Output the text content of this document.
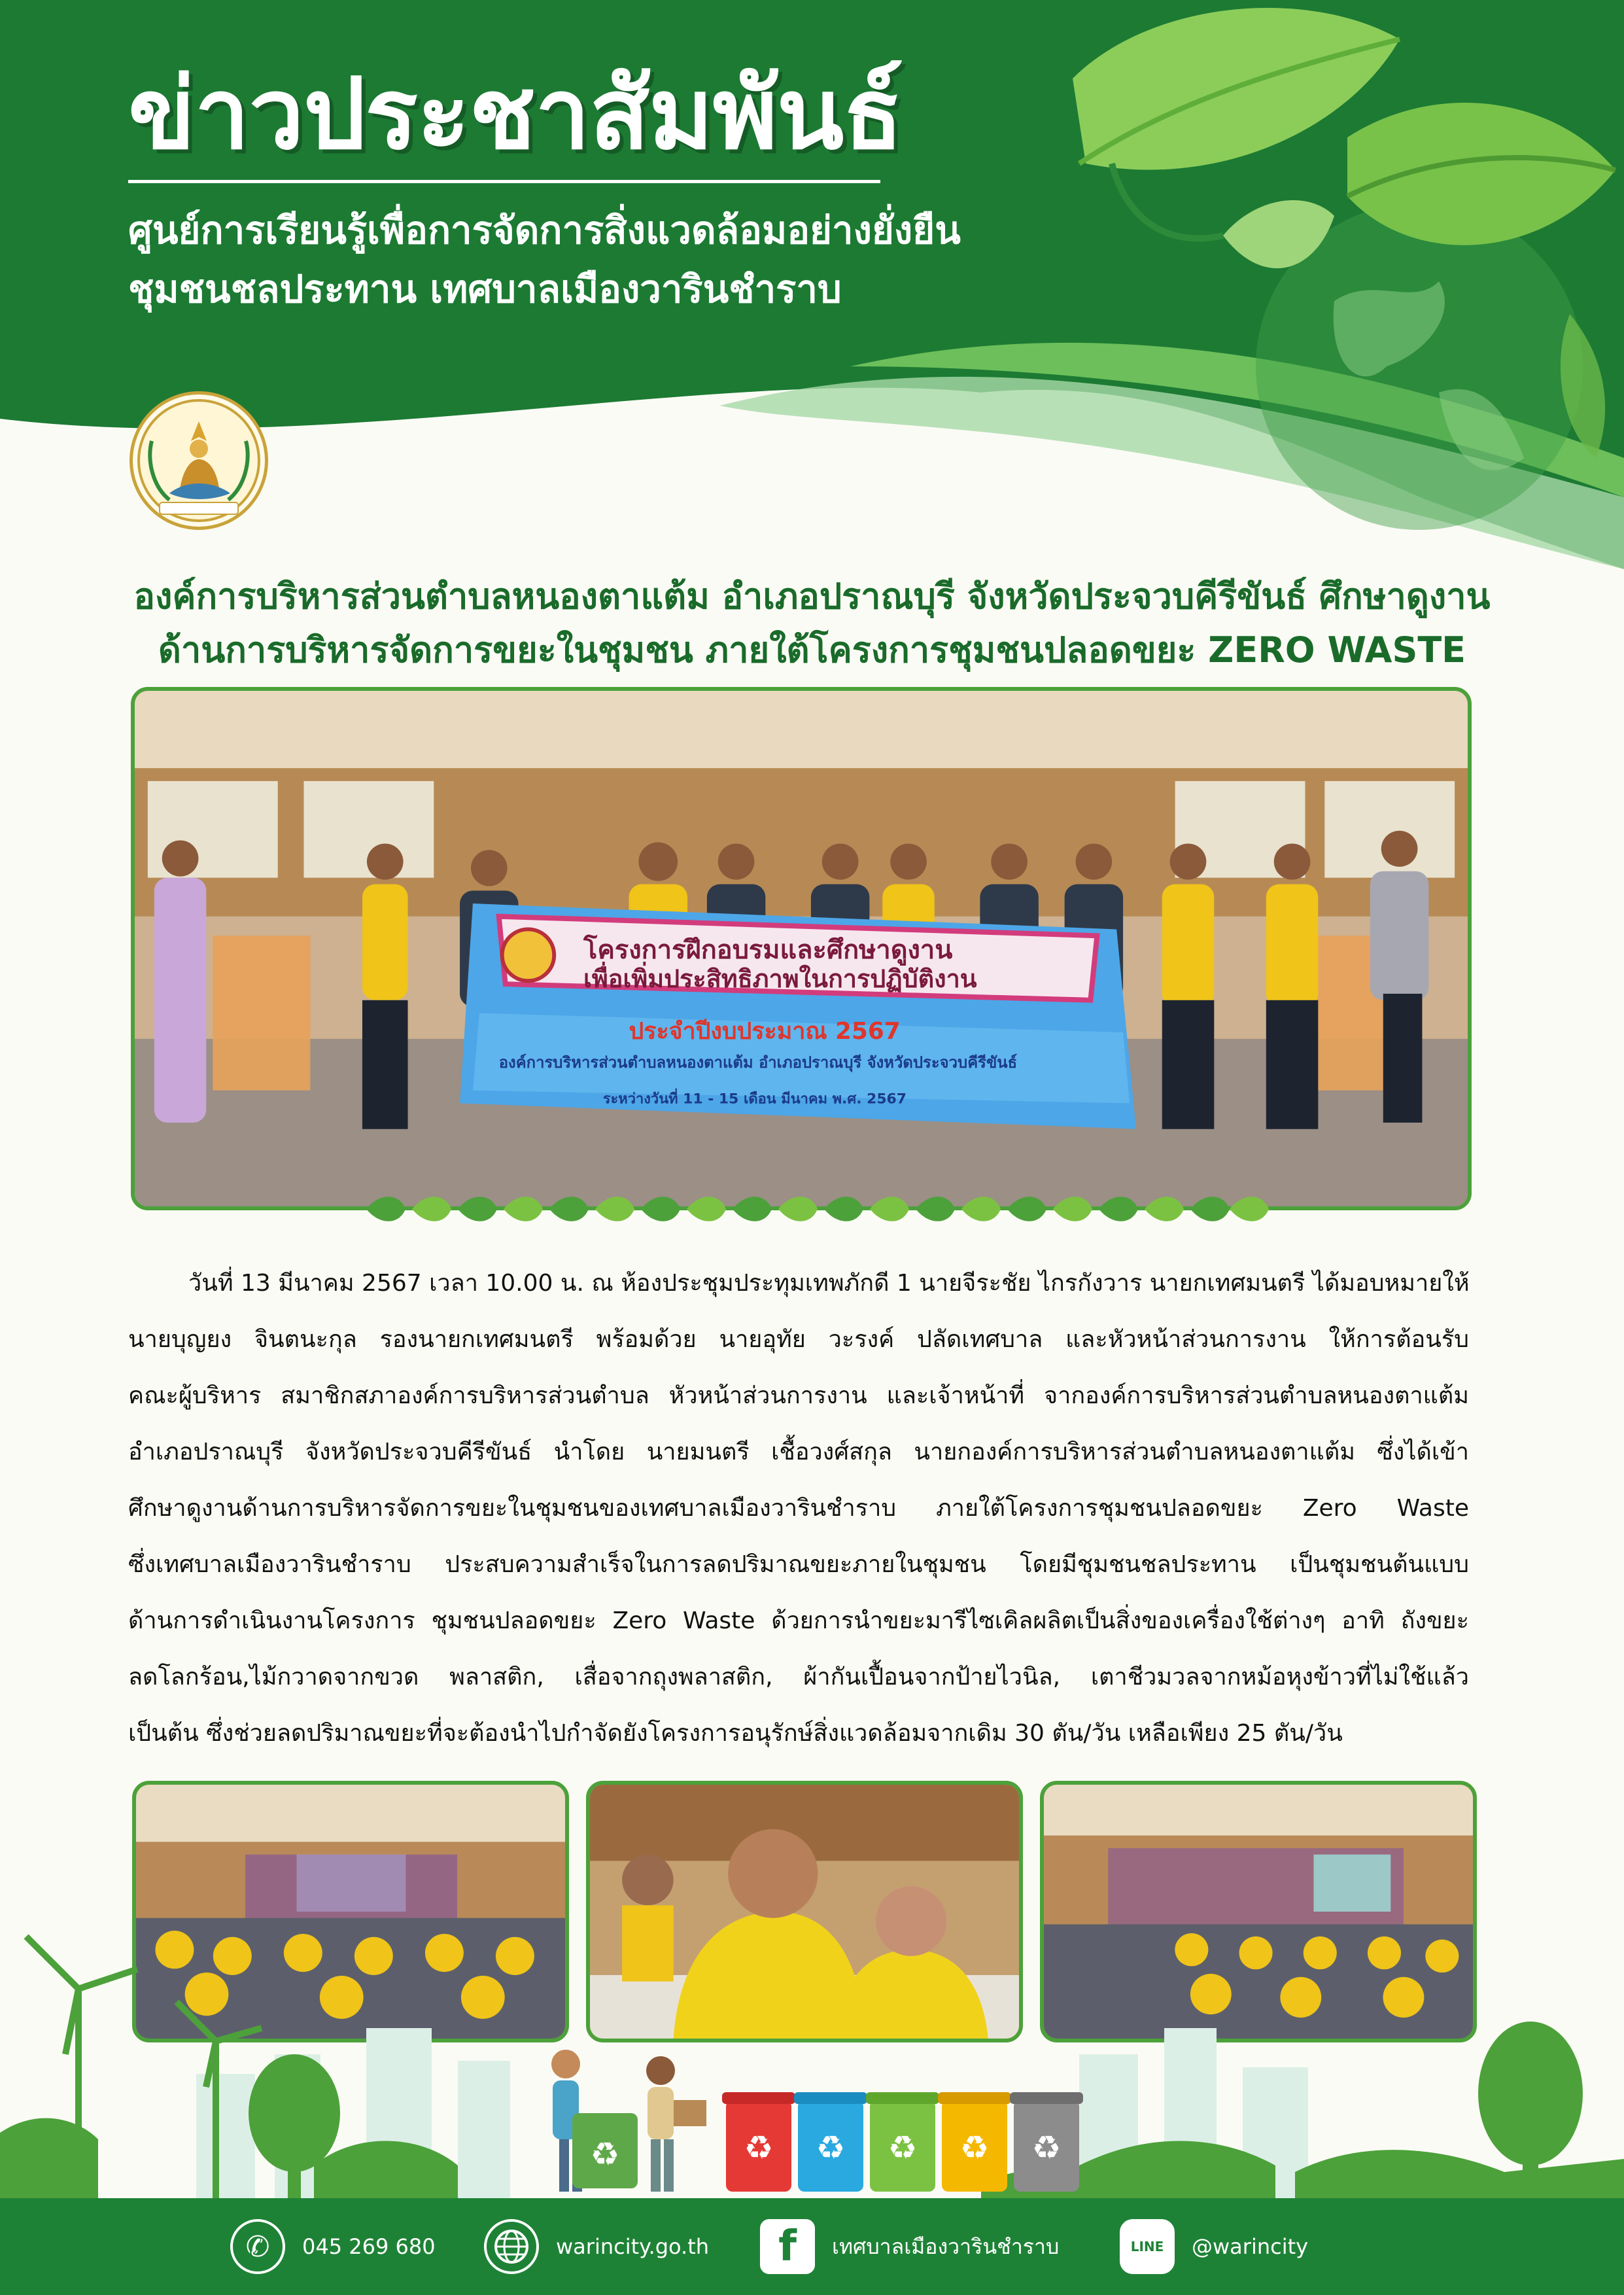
ข่าวประชาสัมพันธ์
ศูนย์การเรียนรู้เพื่อการจัดการสิ่งแวดล้อมอย่างยั่งยืน
ชุมชนชลประทาน เทศบาลเมืองวารินชำราบ
องค์การบริหารส่วนตำบลหนองตาแต้ม อำเภอปราณบุรี จังหวัดประจวบคีรีขันธ์ ศึกษาดูงาน
ด้านการบริหารจัดการขยะในชุมชน ภายใต้โครงการชุมชนปลอดขยะ ZERO WASTE
โครงการฝึกอบรมและศึกษาดูงาน
เพื่อเพิ่มประสิทธิภาพในการปฏิบัติงาน
ประจำปีงบประมาณ 2567
องค์การบริหารส่วนตำบลหนองตาแต้ม อำเภอปราณบุรี จังหวัดประจวบคีรีขันธ์
ระหว่างวันที่ 11 - 15 เดือน มีนาคม พ.ศ. 2567
วันที่ 13 มีนาคม 2567 เวลา 10.00 น. ณ ห้องประชุมประทุมเทพภักดี 1 นายจีระชัย ไกรกังวาร นายกเทศมนตรี ได้มอบหมายให้
นายบุญยง จินตนะกุล รองนายกเทศมนตรี พร้อมด้วย นายอุทัย วะรงค์ ปลัดเทศบาล และหัวหน้าส่วนการงาน ให้การต้อนรับ
คณะผู้บริหาร สมาชิกสภาองค์การบริหารส่วนตำบล หัวหน้าส่วนการงาน และเจ้าหน้าที่ จากองค์การบริหารส่วนตำบลหนองตาแต้ม
อำเภอปราณบุรี จังหวัดประจวบคีรีขันธ์ นำโดย นายมนตรี เชื้อวงศ์สกุล นายกองค์การบริหารส่วนตำบลหนองตาแต้ม ซึ่งได้เข้า
ศึกษาดูงานด้านการบริหารจัดการขยะในชุมชนของเทศบาลเมืองวารินชำราบ ภายใต้โครงการชุมชนปลอดขยะ Zero Waste
ซึ่งเทศบาลเมืองวารินชำราบ ประสบความสำเร็จในการลดปริมาณขยะภายในชุมชน โดยมีชุมชนชลประทาน เป็นชุมชนต้นแบบ
ด้านการดำเนินงานโครงการ ชุมชนปลอดขยะ Zero Waste ด้วยการนำขยะมารีไซเคิลผลิตเป็นสิ่งของเครื่องใช้ต่างๆ อาทิ ถังขยะ
ลดโลกร้อน,ไม้กวาดจากขวด พลาสติก, เสื่อจากถุงพลาสติก, ผ้ากันเปื้อนจากป้ายไวนิล, เตาชีวมวลจากหม้อหุงข้าวที่ไม่ใช้แล้ว
เป็นต้น ซึ่งช่วยลดปริมาณขยะที่จะต้องนำไปกำจัดยังโครงการอนุรักษ์สิ่งแวดล้อมจากเดิม 30 ตัน/วัน เหลือเพียง 25 ตัน/วัน
♻	♻ ♻ ♻ ♻ ♻
✆	045 269 680	warincity.go.th	f	เทศบาลเมืองวารินชำราบ	LINE @warincity
